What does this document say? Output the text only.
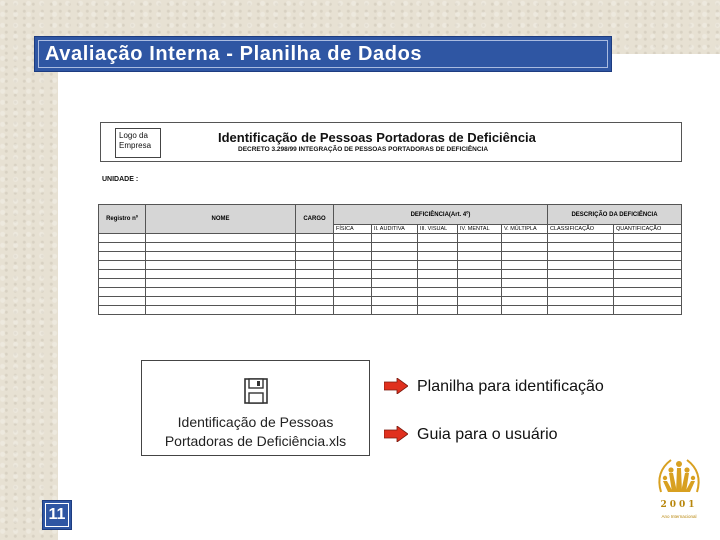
Avaliação Interna - Planilha de Dados
Logo da Empresa
Identificação de Pessoas Portadoras de Deficiência
DECRETO 3.298/99 INTEGRAÇÃO DE PESSOAS PORTADORAS DE DEFICIÊNCIA
UNIDADE :
Registro nº	NOME	CARGO	DEFICIÊNCIA(Art. 4º)					DESCRIÇÃO DA DEFICIÊNCIA	
			FÍSICA	II. AUDITIVA	III. VISUAL	IV. MENTAL	V. MÚLTIPLA	CLASSIFICAÇÃO	QUANTIFICAÇÃO

Identificação de Pessoas
Portadoras de Deficiência.xls
Planilha para identificação
Guia para o usuário
11
2001
Ano Internacional
